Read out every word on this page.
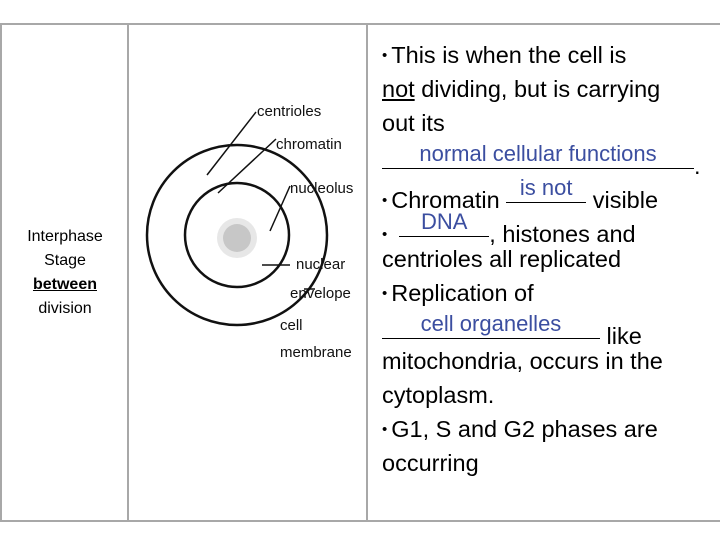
Interphase
Stage
between
division
centrioles
chromatin
nucleolus
nuclear
envelope
cell
membrane
• This is when the cell is
not dividing, but is carrying
out its
normal cellular functions	.
• Chromatin is not visible
•
DNA , histones and
centrioles all replicated
• Replication of
cell organelles	like
mitochondria, occurs in the
cytoplasm.
• G1, S and G2 phases are
occurring
